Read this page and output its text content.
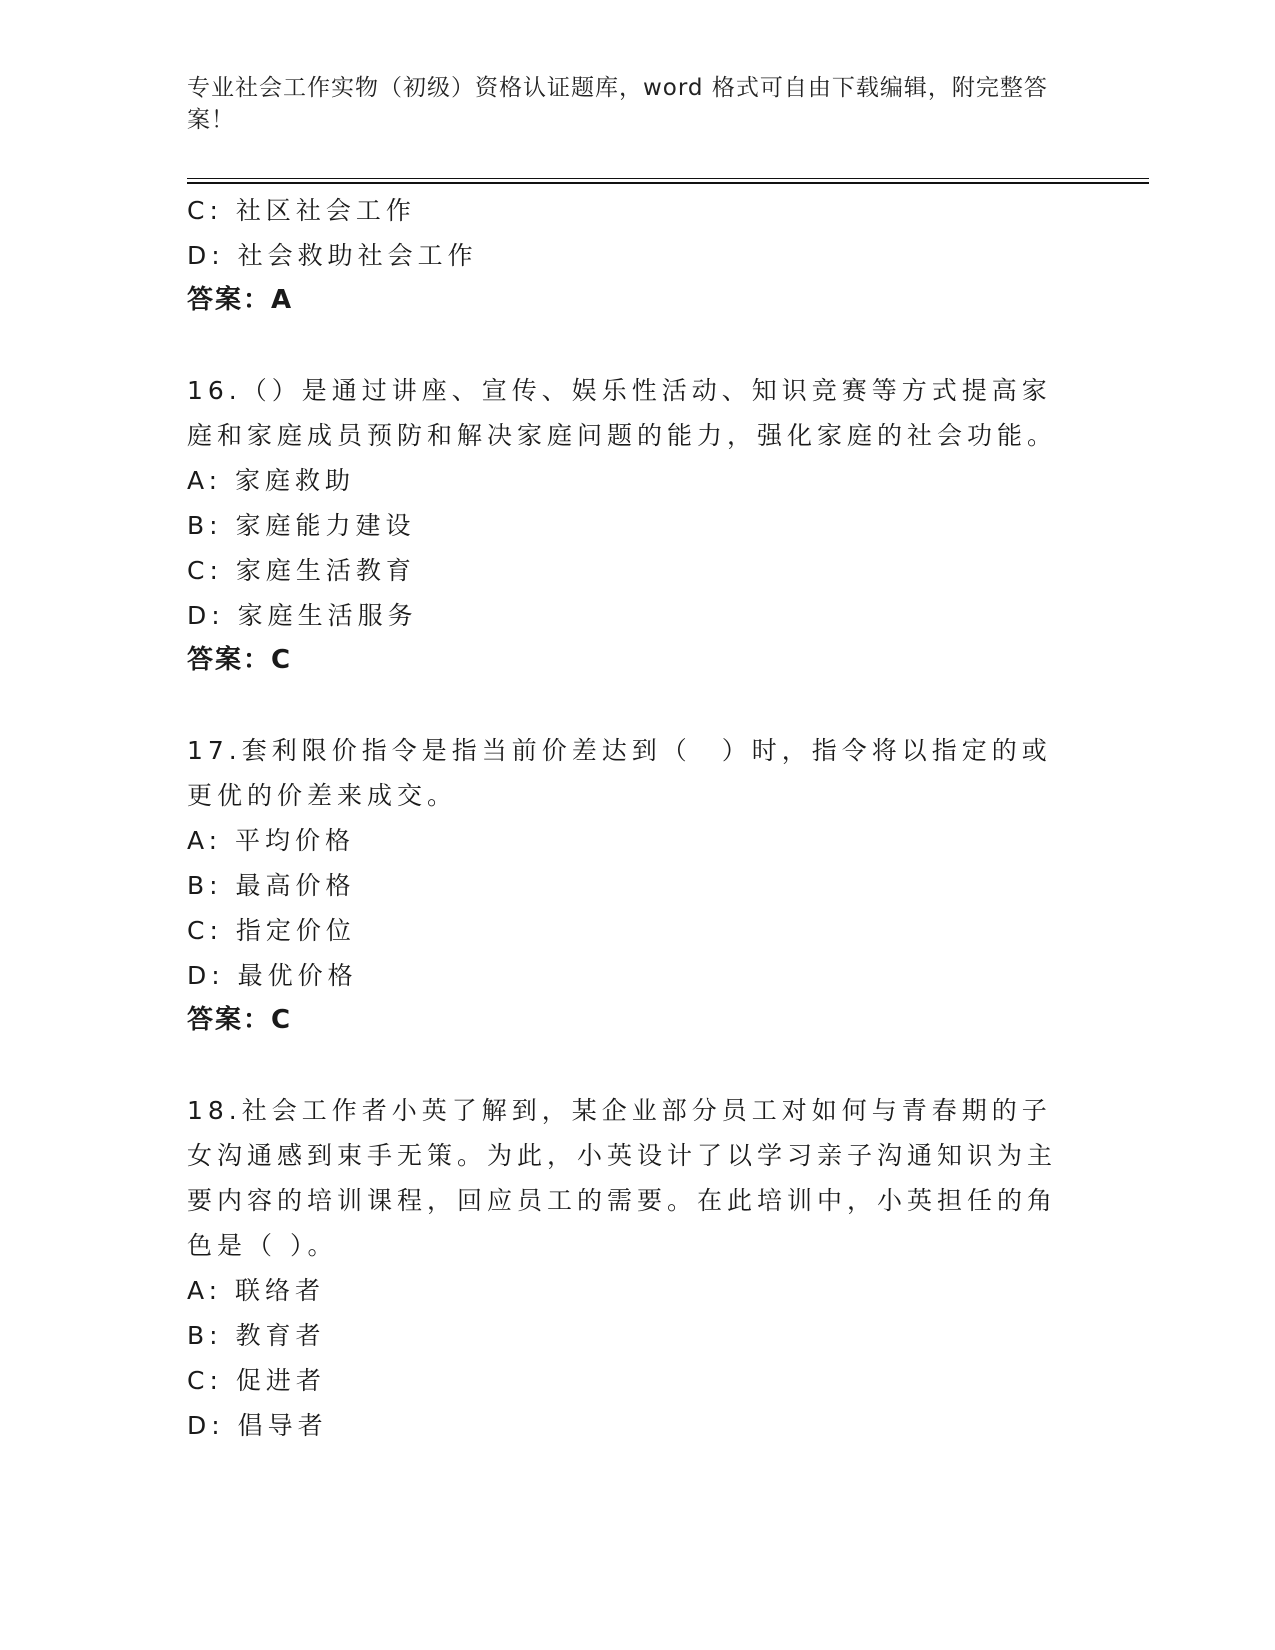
专业社会工作实物（初级）资格认证题库，word 格式可自由下载编辑，附完整答案！
C: 社区社会工作
D: 社会救助社会工作
答案：A
16.（）是通过讲座、宣传、娱乐性活动、知识竞赛等方式提高家庭和家庭成员预防和解决家庭问题的能力，强化家庭的社会功能。
A: 家庭救助
B: 家庭能力建设
C: 家庭生活教育
D: 家庭生活服务
答案：C
17.套利限价指令是指当前价差达到（　）时，指令将以指定的或更优的价差来成交。
A: 平均价格
B: 最高价格
C: 指定价位
D: 最优价格
答案：C
18.社会工作者小英了解到，某企业部分员工对如何与青春期的子女沟通感到束手无策。为此，小英设计了以学习亲子沟通知识为主要内容的培训课程，回应员工的需要。在此培训中，小英担任的角色是（ ）。
A: 联络者
B: 教育者
C: 促进者
D: 倡导者
